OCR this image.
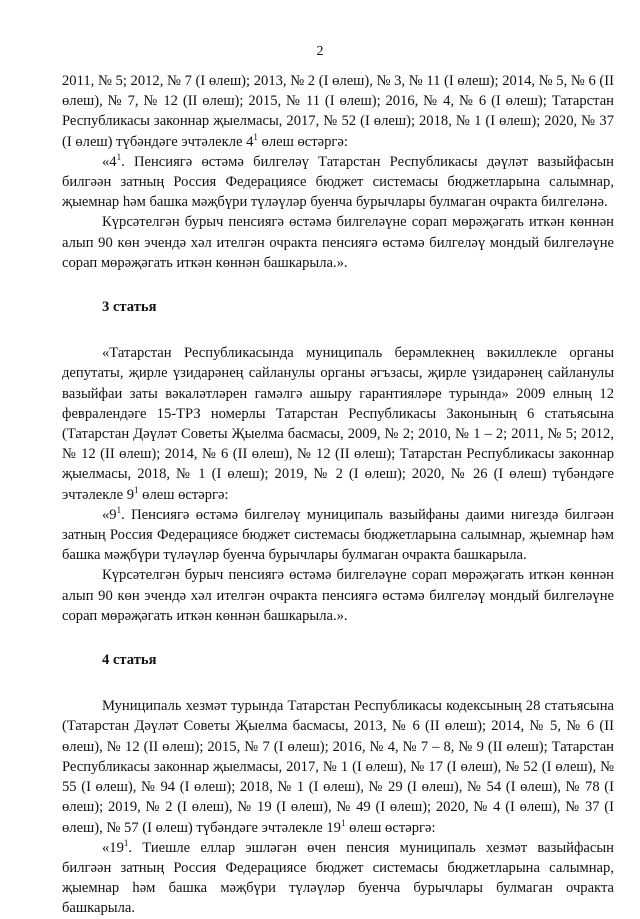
2

2011, № 5; 2012, № 7 (I өлеш); 2013, № 2 (I өлеш), № 3, № 11 (I өлеш); 2014, № 5, № 6 (II өлеш), № 7, № 12 (II өлеш); 2015, № 11 (I өлеш); 2016, № 4, № 6 (I өлеш); Татарстан Республикасы законнар җыелмасы, 2017, № 52 (I өлеш); 2018, № 1 (I өлеш); 2020, № 37 (I өлеш) түбәндәге эчтәлекле $4^1$ өлеш өстәргә:

«$4^1$. Пенсиягә өстәмә билгеләү Татарстан Республикасы дәүләт вазыйфасын билгәән затның Россия Федерациясе бюджет системасы бюджетларына салымнар, җыемнар һәм башка мәҗбүри түләүләр буенча бурычлары булмаган очракта билгеләнә.

Күрсәтелгән бурыч пенсиягә өстәмә билгеләүне сорап мөрәҗәгать иткән көннән алып 90 көн эчендә хәл ителгән очракта пенсиягә өстәмә билгеләү мондый билгеләүне сорап мөрәҗәгать иткән көннән башкарыла.».

3 статья

«Татарстан Республикасында муниципаль берәмлекнең вәкиллекле органы депутаты, җирле үзидарәнең сайланулы органы әгъзасы, җирле үзидарәнең сайланулы вазыйфаи заты вәкаләтләрен гамәлгә ашыру гарантияләре турында» 2009 елның 12 февралендәге 15-ТРЗ номерлы Татарстан Республикасы Законының 6 статьясына (Татарстан Дәүләт Советы Җыелма басмасы, 2009, № 2; 2010, № 1 – 2; 2011, № 5; 2012, № 12 (II өлеш); 2014, № 6 (II өлеш), № 12 (II өлеш); Татарстан Республикасы законнар җыелмасы, 2018, № 1 (I өлеш); 2019, № 2 (I өлеш); 2020, № 26 (I өлеш) түбәндәге эчтәлекле $9^1$ өлеш өстәргә:

«$9^1$. Пенсиягә өстәмә билгеләү муниципаль вазыйфаны даими нигездә билгәән затның Россия Федерациясе бюджет системасы бюджетларына салымнар, җыемнар һәм башка мәҗбүри түләүләр буенча бурычлары булмаган очракта башкарыла.

Күрсәтелгән бурыч пенсиягә өстәмә билгеләүне сорап мөрәҗәгать иткән көннән алып 90 көн эчендә хәл ителгән очракта пенсиягә өстәмә билгеләү мондый билгеләүне сорап мөрәҗәгать иткән көннән башкарыла.».

4 статья

Муниципаль хезмәт турында Татарстан Республикасы кодексының 28 статьясына (Татарстан Дәүләт Советы Җыелма басмасы, 2013, № 6 (II өлеш); 2014, № 5, № 6 (II өлеш), № 12 (II өлеш); 2015, № 7 (I өлеш); 2016, № 4, № 7 – 8, № 9 (II өлеш); Татарстан Республикасы законнар җыелмасы, 2017, № 1 (I өлеш), № 17 (I өлеш), № 52 (I өлеш), № 55 (I өлеш), № 94 (I өлеш); 2018, № 1 (I өлеш), № 29 (I өлеш), № 54 (I өлеш), № 78 (I өлеш); 2019, № 2 (I өлеш), № 19 (I өлеш), № 49 (I өлеш); 2020, № 4 (I өлеш), № 37 (I өлеш), № 57 (I өлеш) түбәндәге эчтәлекле $19^1$ өлеш өстәргә:

«$19^1$. Тиешле еллар эшләгән өчен пенсия муниципаль хезмәт вазыйфасын билгәән затның Россия Федерациясе бюджет системасы бюджетларына салымнар, җыемнар һәм башка мәҗбүри түләүләр буенча бурычлары булмаган очракта башкарыла.
